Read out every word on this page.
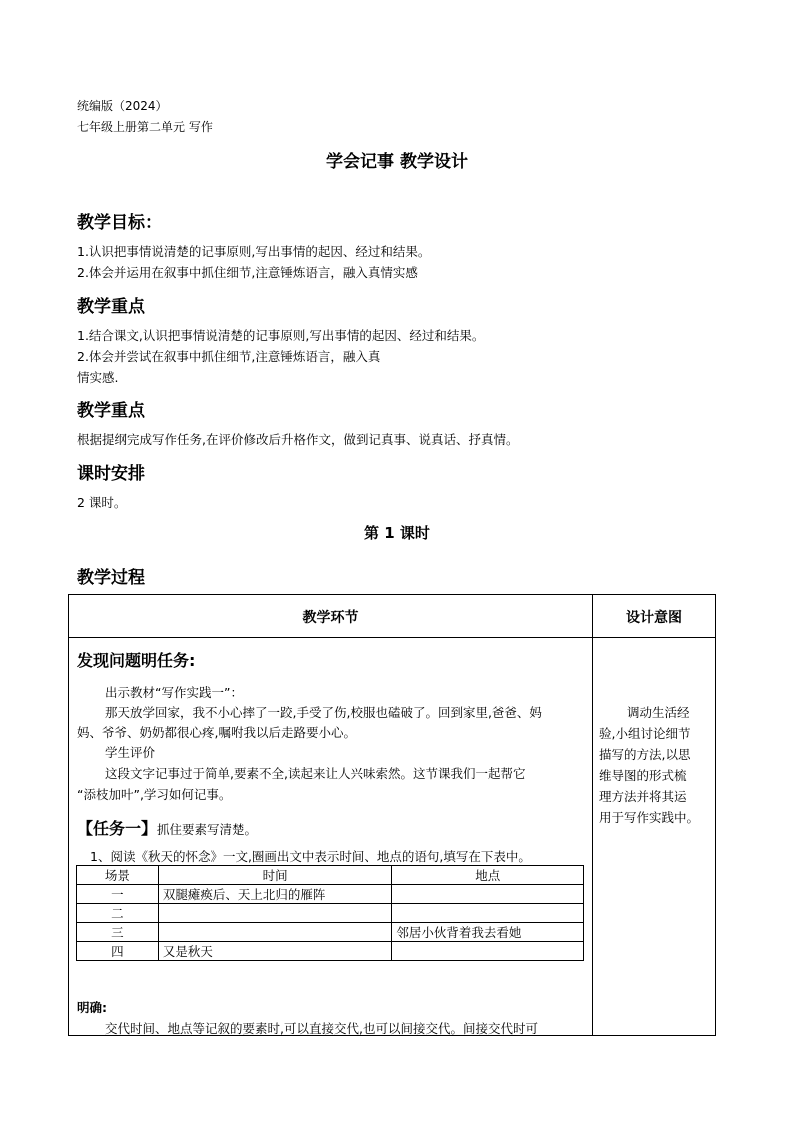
统编版（2024）
七年级上册第二单元 写作
学会记事 教学设计
教学目标：
1.认识把事情说清楚的记事原则,写出事情的起因、经过和结果。
2.体会并运用在叙事中抓住细节,注意锤炼语言，融入真情实感
教学重点
1.结合课文,认识把事情说清楚的记事原则,写出事情的起因、经过和结果。
2.体会并尝试在叙事中抓住细节,注意锤炼语言，融入真
情实感.
教学重点
根据提纲完成写作任务,在评价修改后升格作文，做到记真事、说真话、抒真情。
课时安排
2 课时。
第 1 课时
教学过程
教学环节	设计意图
发现问题明任务:
出示教材“写作实践一”：
那天放学回家，我不小心摔了一跤,手受了伤,校服也磕破了。回到家里,爸爸、妈
妈、爷爷、奶奶都很心疼,嘱咐我以后走路要小心。
学生评价
这段文字记事过于简单,要素不全,读起来让人兴味索然。这节课我们一起帮它
“添枝加叶”,学习如何记事。
【任务一】抓住要素写清楚。
1、阅读《秋天的怀念》一文,圈画出文中表示时间、地点的语句,填写在下表中。
场景	时间	地点
一	双腿瘫痪后、天上北归的雁阵	
二		
三		邻居小伙背着我去看她
四	又是秋天	
明确:
交代时间、地点等记叙的要素时,可以直接交代,也可以间接交代。间接交代时可
调动生活经
验,小组讨论细节
描写的方法,以思
维导图的形式梳
理方法并将其运
用于写作实践中。
